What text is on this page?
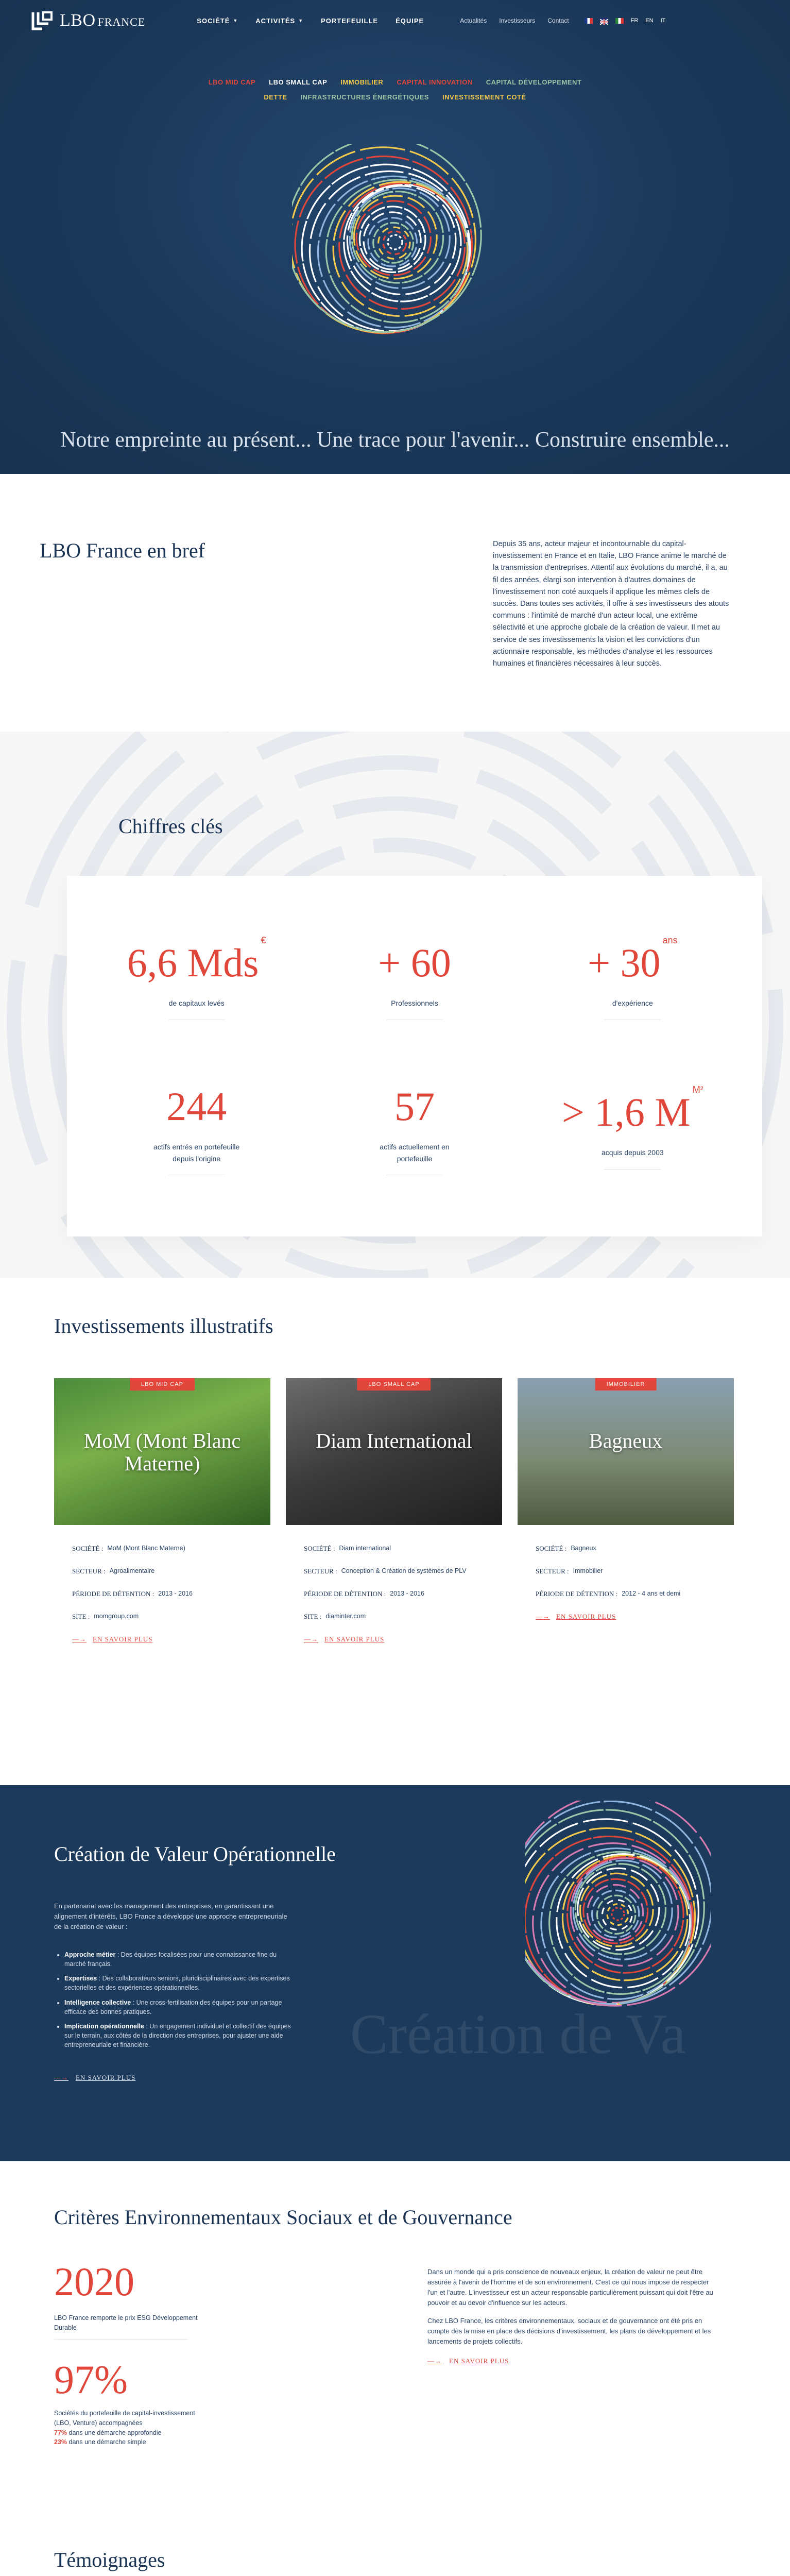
LBO FRANCE	SOCIÉTÉ ▼	ACTIVITÉS ▼	PORTEFEUILLE	ÉQUIPE	Actualités Investisseurs Contact	FR EN IT
LBO MID CAP	LBO SMALL CAP	IMMOBILIER	CAPITAL INNOVATION	CAPITAL DÉVELOPPEMENT
DETTE	INFRASTRUCTURES ÉNERGÉTIQUES	INVESTISSEMENT COTÉ
Notre empreinte au présent... Une trace pour l'avenir... Construire ensemble...
LBO France en bref	Depuis 35 ans, acteur majeur et incontournable du capital-investissement en France et en Italie, LBO France anime le marché de la transmission d'entreprises. Attentif aux évolutions du marché, il a, au fil des années, élargi son intervention à d'autres domaines de l'investissement non coté auxquels il applique les mêmes clefs de succès. Dans toutes ses activités, il offre à ses investisseurs des atouts communs : l'intimité de marché d'un acteur local, une extrême sélectivité et une approche globale de la création de valeur. Il met au service de ses investissements la vision et les convictions d'un actionnaire responsable, les méthodes d'analyse et les ressources humaines et financières nécessaires à leur succès.

Chiffres clés
6,6 Mds €
de capitaux levés
+ 60
Professionnels
+ 30 $^{ans}$
d'expérience
244
actifs entrés en portefeuille depuis l'origine
57
actifs actuellement en portefeuille
> 1,6 M $^{M^2}$
acquis depuis 2003
Investissements illustratifs
LBO MID CAP
MoM (Mont Blanc Materne)
SOCIÉTÉ : MoM (Mont Blanc Materne)
SECTEUR : Agroalimentaire
PÉRIODE DE DÉTENTION : 2013 - 2016
SITE : momgroup.com
—→ EN SAVOIR PLUS
LBO SMALL CAP
Diam International
SOCIÉTÉ : Diam international
SECTEUR : Conception & Création de systèmes de PLV
PÉRIODE DE DÉTENTION : 2013 - 2016
SITE : diaminter.com
—→ EN SAVOIR PLUS
IMMOBILIER
Bagneux
SOCIÉTÉ : Bagneux
SECTEUR : Immobilier
PÉRIODE DE DÉTENTION : 2012 - 4 ans et demi
—→ EN SAVOIR PLUS
Création de Va
Création de Valeur Opérationnelle

En partenariat avec les management des entreprises, en garantissant une alignement d'intérêts, LBO France a développé une approche entrepreneuriale de la création de valeur :

• Approche métier : Des équipes focalisées pour une connaissance fine du marché français.
• Expertises : Des collaborateurs seniors, pluridisciplinaires avec des expertises sectorielles et des expériences opérationnelles.
• Intelligence collective : Une cross-fertilisation des équipes pour un partage efficace des bonnes pratiques.
• Implication opérationnelle : Un engagement individuel et collectif des équipes sur le terrain, aux côtés de la direction des entreprises, pour ajuster une aide entrepreneuriale et financière.
—→ EN SAVOIR PLUS
Critères Environnementaux Sociaux et de Gouvernance
2020
LBO France remporte le prix ESG Développement Durable
97%
Sociétés du portefeuille de capital-investissement (LBO, Venture) accompagnées
77% dans une démarche approfondie
23% dans une démarche simple

Dans un monde qui a pris conscience de nouveaux enjeux, la création de valeur ne peut être assurée à l'avenir de l'homme et de son environnement. C'est ce qui nous impose de respecter l'un et l'autre. L'investisseur est un acteur responsable particulièrement puissant qui doit l'être au pouvoir et au devoir d'influence sur les acteurs.

Chez LBO France, les critères environnementaux, sociaux et de gouvernance ont été pris en compte dès la mise en place des décisions d'investissement, les plans de développement et les lancements de projets collectifs.

—→ EN SAVOIR PLUS
Témoignages
